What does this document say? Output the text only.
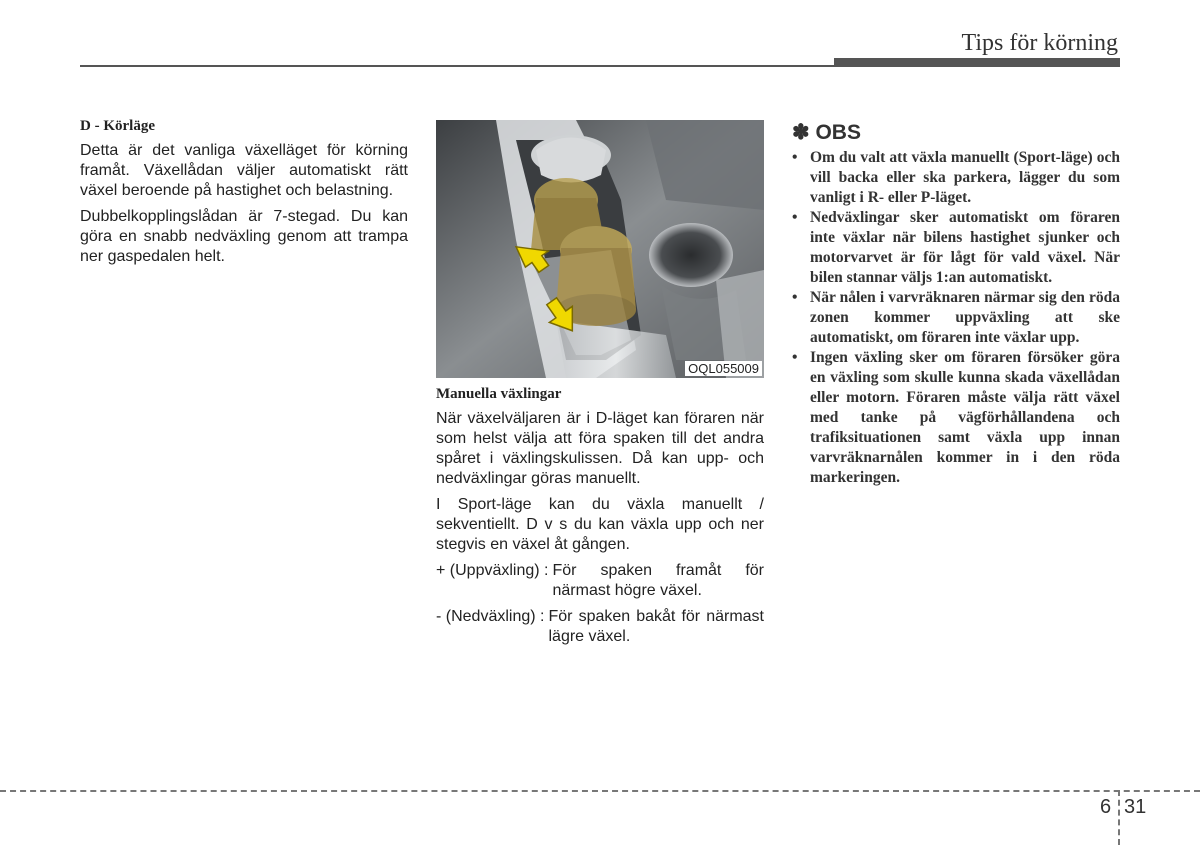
Tips för körning
D - Körläge

Detta är det vanliga växelläget för körning framåt. Växellådan väljer automatiskt rätt växel beroende på hastighet och belastning.

Dubbelkopplingslådan är 7-stegad. Du kan göra en snabb nedväxling genom att trampa ner gaspedalen helt.

OQL055009
Manuella växlingar

När växelväljaren är i D-läget kan föraren när som helst välja att föra spaken till det andra spåret i växlingskulissen. Då kan upp- och nedväxlingar göras manuellt.

I Sport-läge kan du växla manuellt / sekventiellt. D v s du kan växla upp och ner stegvis en växel åt gången.

+ (Uppväxling) : För spaken framåt för närmast högre växel.
- (Nedväxling) : För spaken bakåt för närmast lägre växel.
✽ OBS
• Om du valt att växla manuellt (Sport-läge) och vill backa eller ska parkera, lägger du som vanligt i R- eller P-läget.
• Nedväxlingar sker automatiskt om föraren inte växlar när bilens hastighet sjunker och motorvarvet är för lågt för vald växel. När bilen stannar väljs 1:an automatiskt.
• När nålen i varvräknaren närmar sig den röda zonen kommer uppväxling att ske automatiskt, om föraren inte växlar upp.
• Ingen växling sker om föraren försöker göra en växling som skulle kunna skada växellådan eller motorn. Föraren måste välja rätt växel med tanke på vägförhållandena och trafiksituationen samt växla upp innan varvräknarnålen kommer in i den röda markeringen.
6 31
